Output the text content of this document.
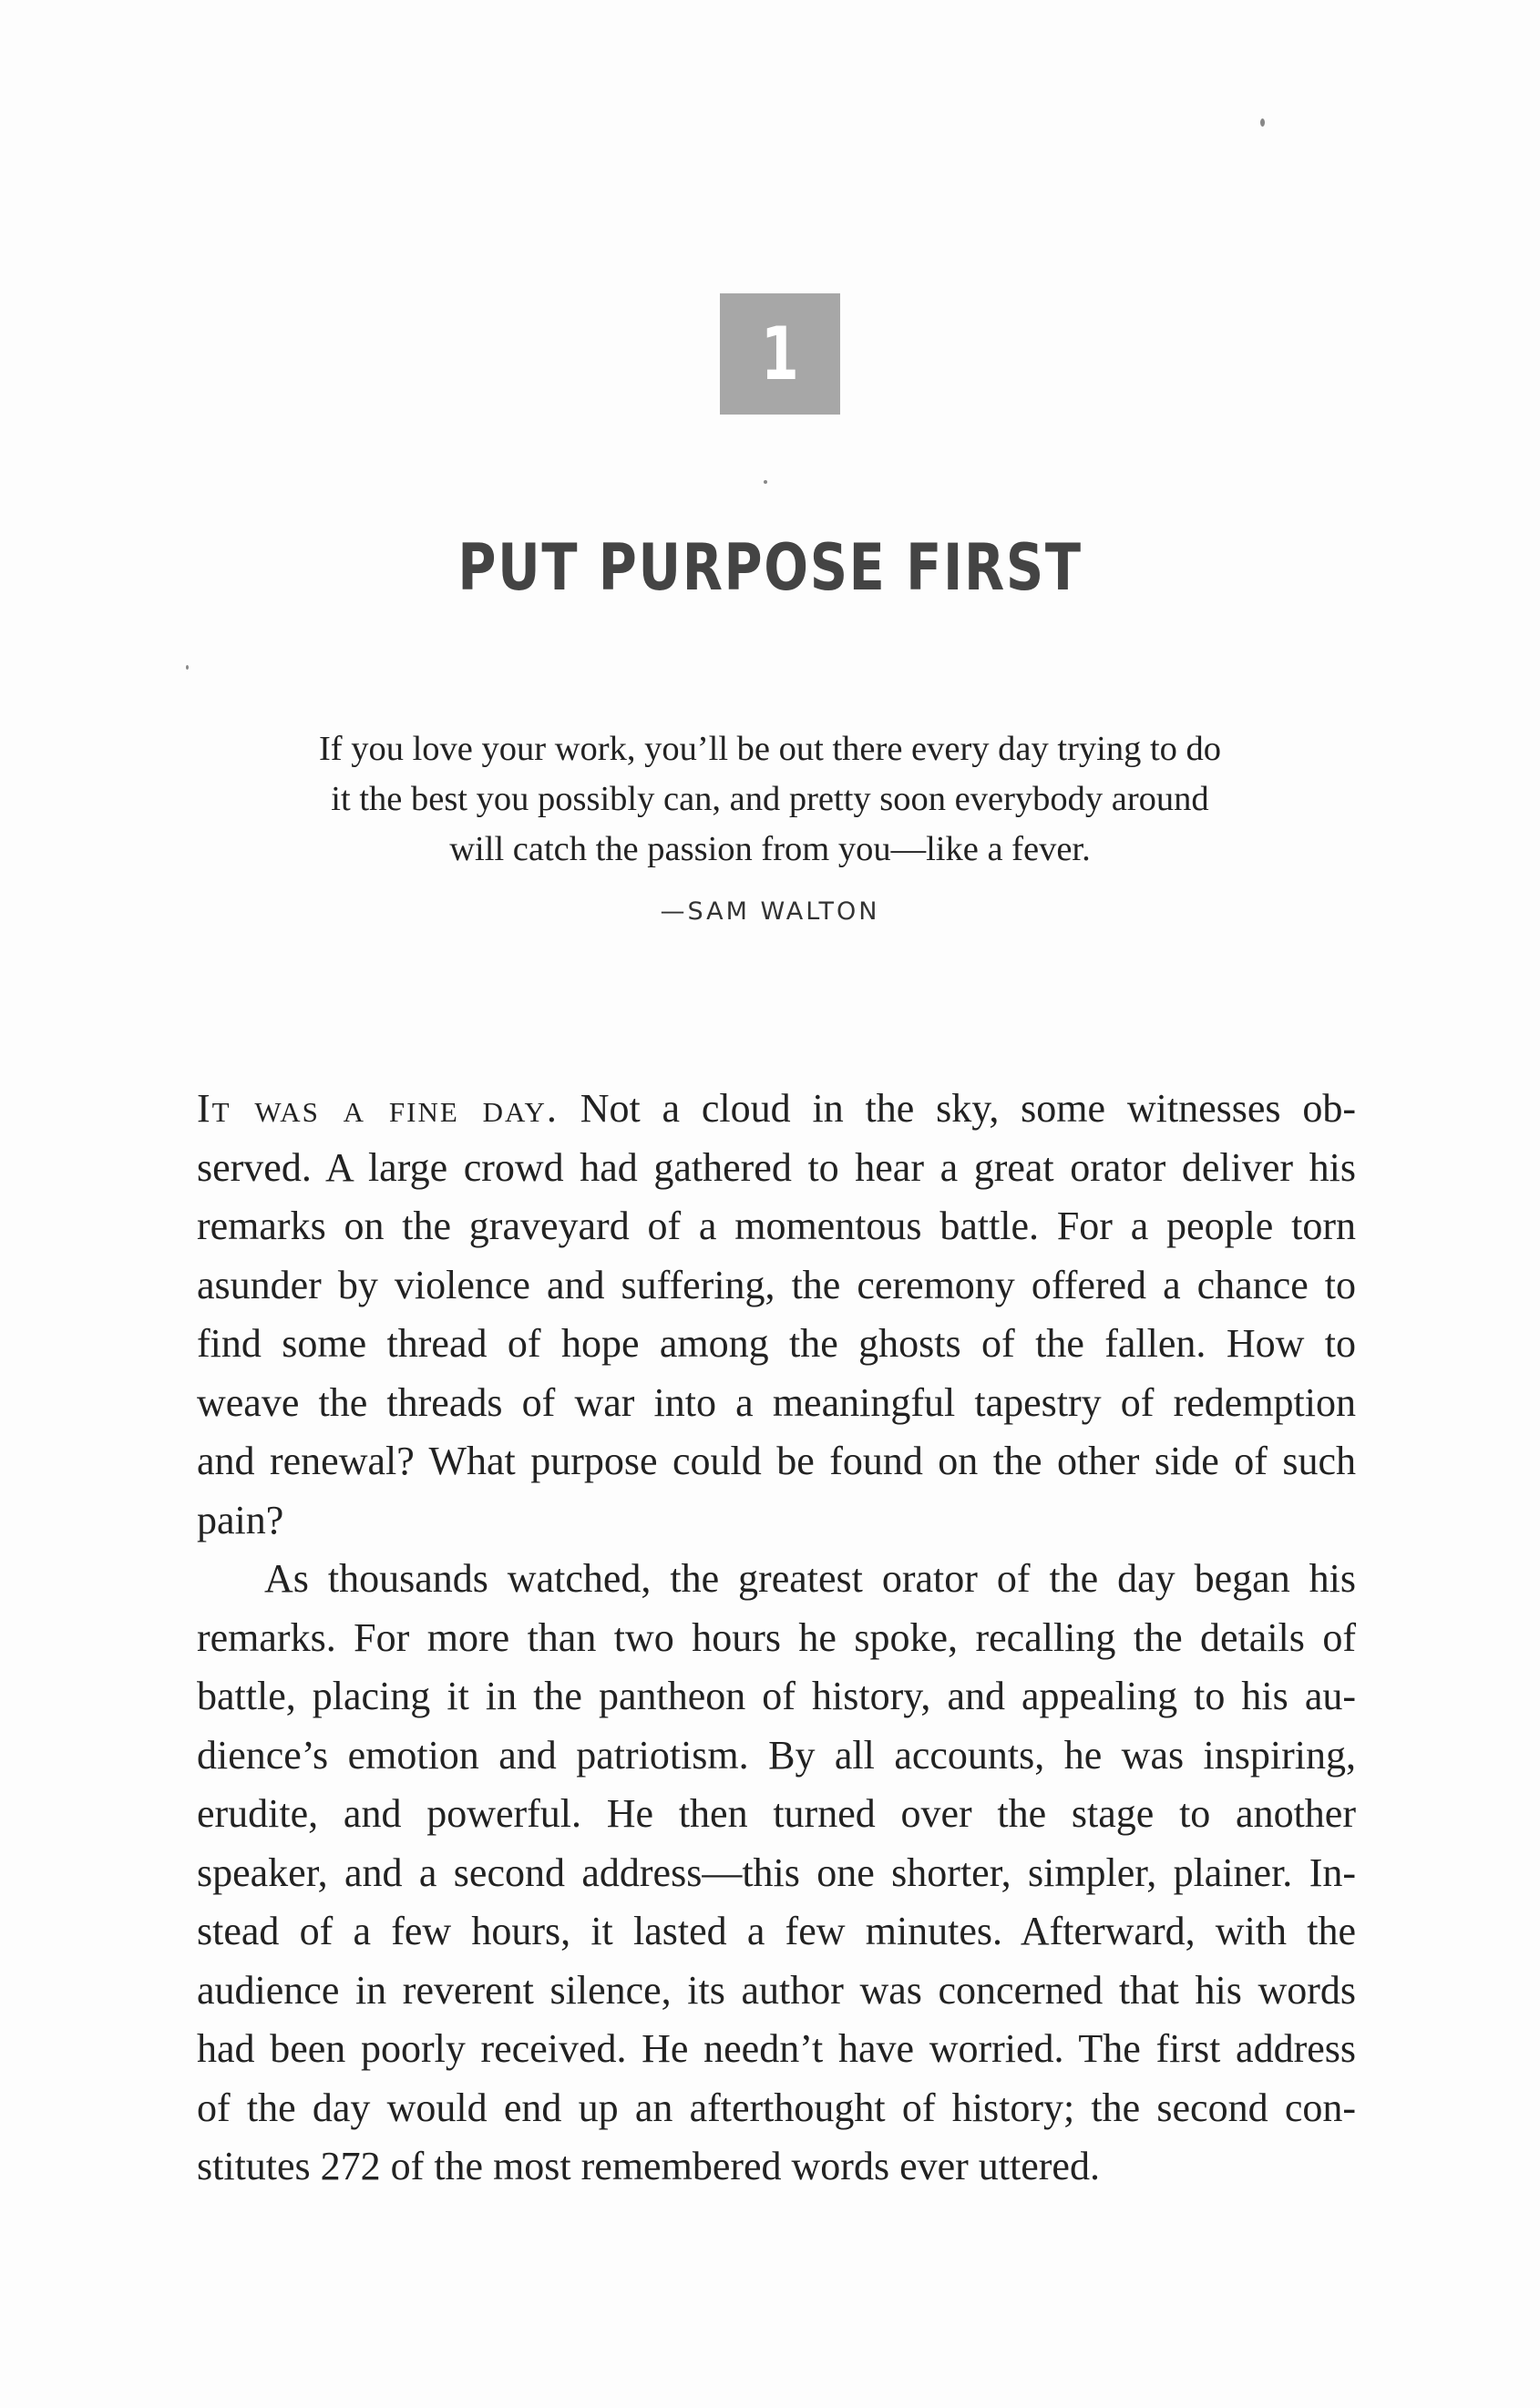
1
PUT PURPOSE FIRST
If you love your work, you’ll be out there every day trying to do
it the best you possibly can, and pretty soon everybody around
will catch the passion from you—like a fever.
—SAM WALTON
It was a fine day. Not a cloud in the sky, some witnesses ob-
served. A large crowd had gathered to hear a great orator deliver his
remarks on the graveyard of a momentous battle. For a people torn
asunder by violence and suffering, the ceremony offered a chance to
find some thread of hope among the ghosts of the fallen. How to
weave the threads of war into a meaningful tapestry of redemption
and renewal? What purpose could be found on the other side of such
pain?
As thousands watched, the greatest orator of the day began his
remarks. For more than two hours he spoke, recalling the details of
battle, placing it in the pantheon of history, and appealing to his au-
dience’s emotion and patriotism. By all accounts, he was inspiring,
erudite, and powerful. He then turned over the stage to another
speaker, and a second address—this one shorter, simpler, plainer. In-
stead of a few hours, it lasted a few minutes. Afterward, with the
audience in reverent silence, its author was concerned that his words
had been poorly received. He needn’t have worried. The first address
of the day would end up an afterthought of history; the second con-
stitutes 272 of the most remembered words ever uttered.
